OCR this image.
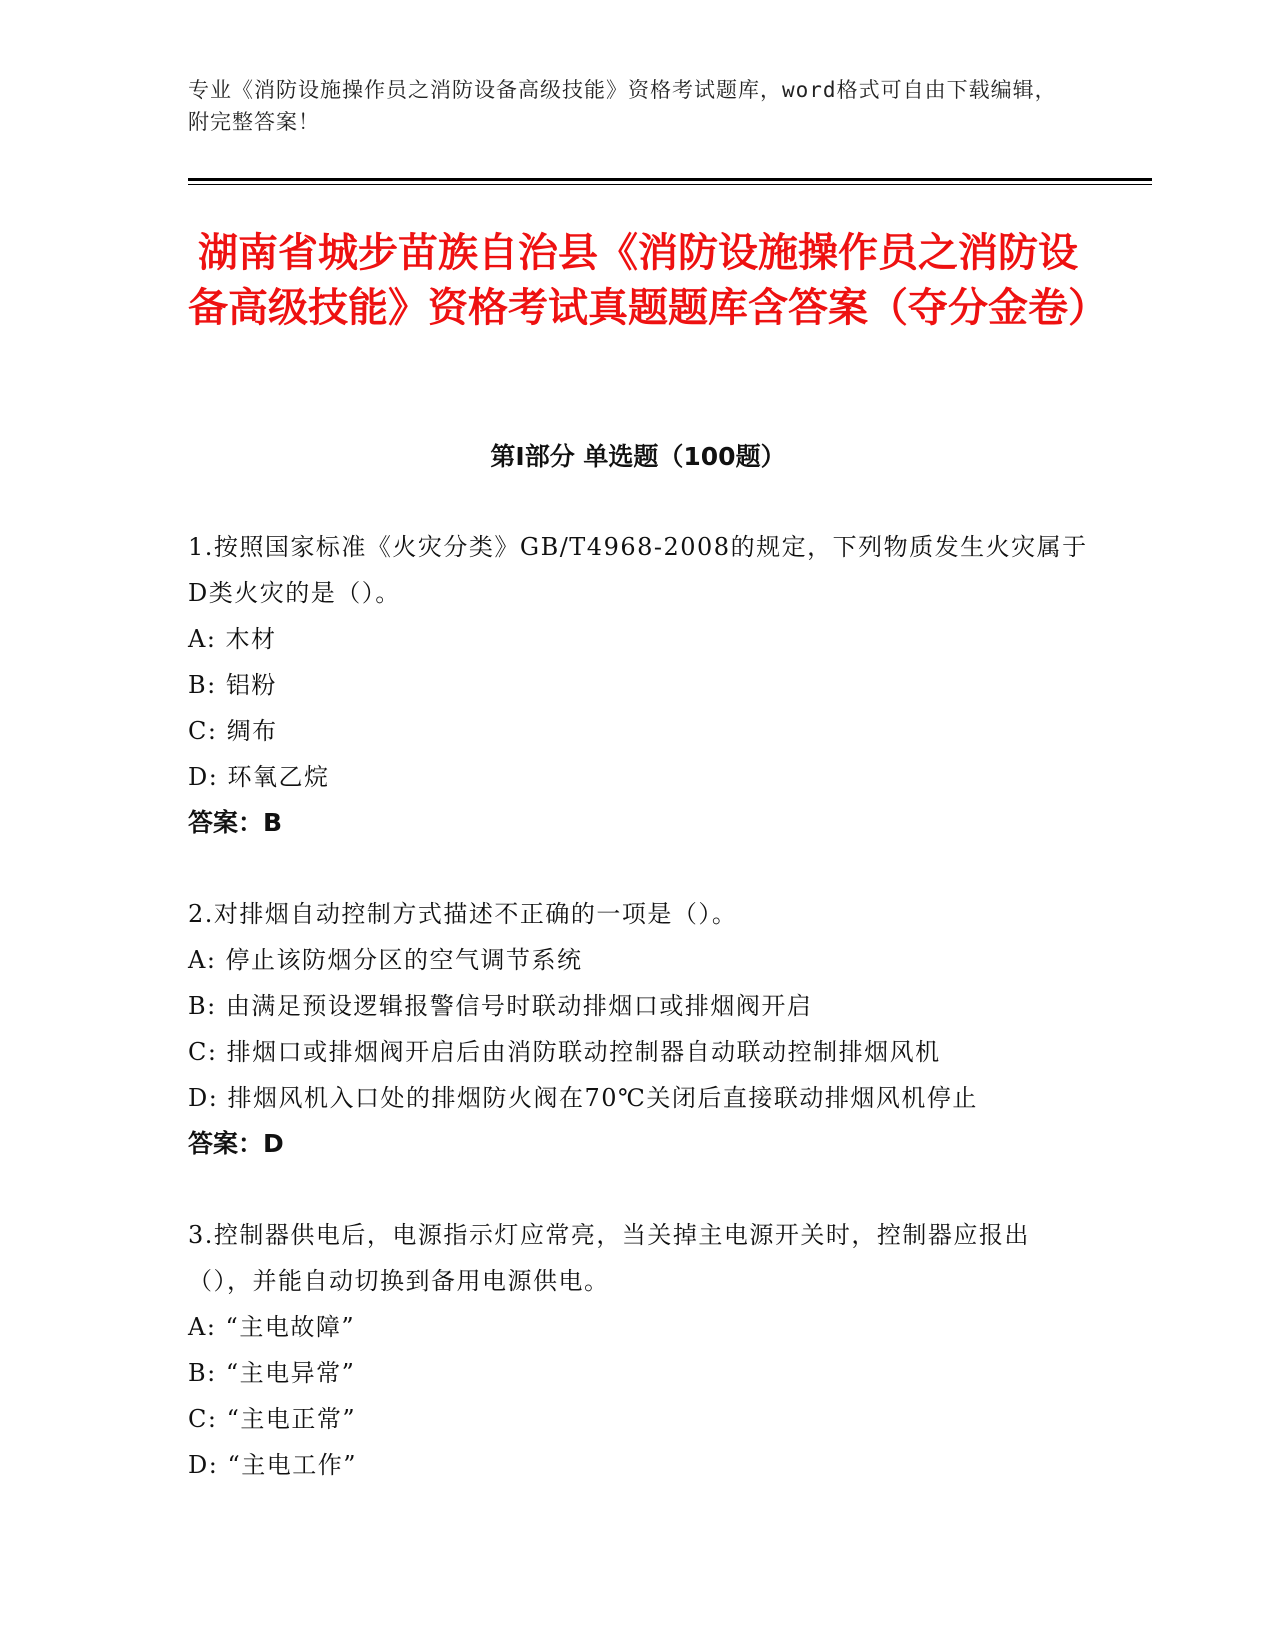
专业《消防设施操作员之消防设备高级技能》资格考试题库，word格式可自由下载编辑，附完整答案！
湖南省城步苗族自治县《消防设施操作员之消防设备高级技能》资格考试真题题库含答案（夺分金卷）
第Ⅰ部分 单选题（100题）
1.按照国家标准《火灾分类》GB/T4968-2008的规定，下列物质发生火灾属于D类火灾的是（）。
A: 木材
B: 铝粉
C: 绸布
D: 环氧乙烷
答案：B
2.对排烟自动控制方式描述不正确的一项是（）。
A: 停止该防烟分区的空气调节系统
B: 由满足预设逻辑报警信号时联动排烟口或排烟阀开启
C: 排烟口或排烟阀开启后由消防联动控制器自动联动控制排烟风机
D: 排烟风机入口处的排烟防火阀在70℃关闭后直接联动排烟风机停止
答案：D
3.控制器供电后，电源指示灯应常亮，当关掉主电源开关时，控制器应报出（），并能自动切换到备用电源供电。
A: “主电故障”
B: “主电异常”
C: “主电正常”
D: “主电工作”
